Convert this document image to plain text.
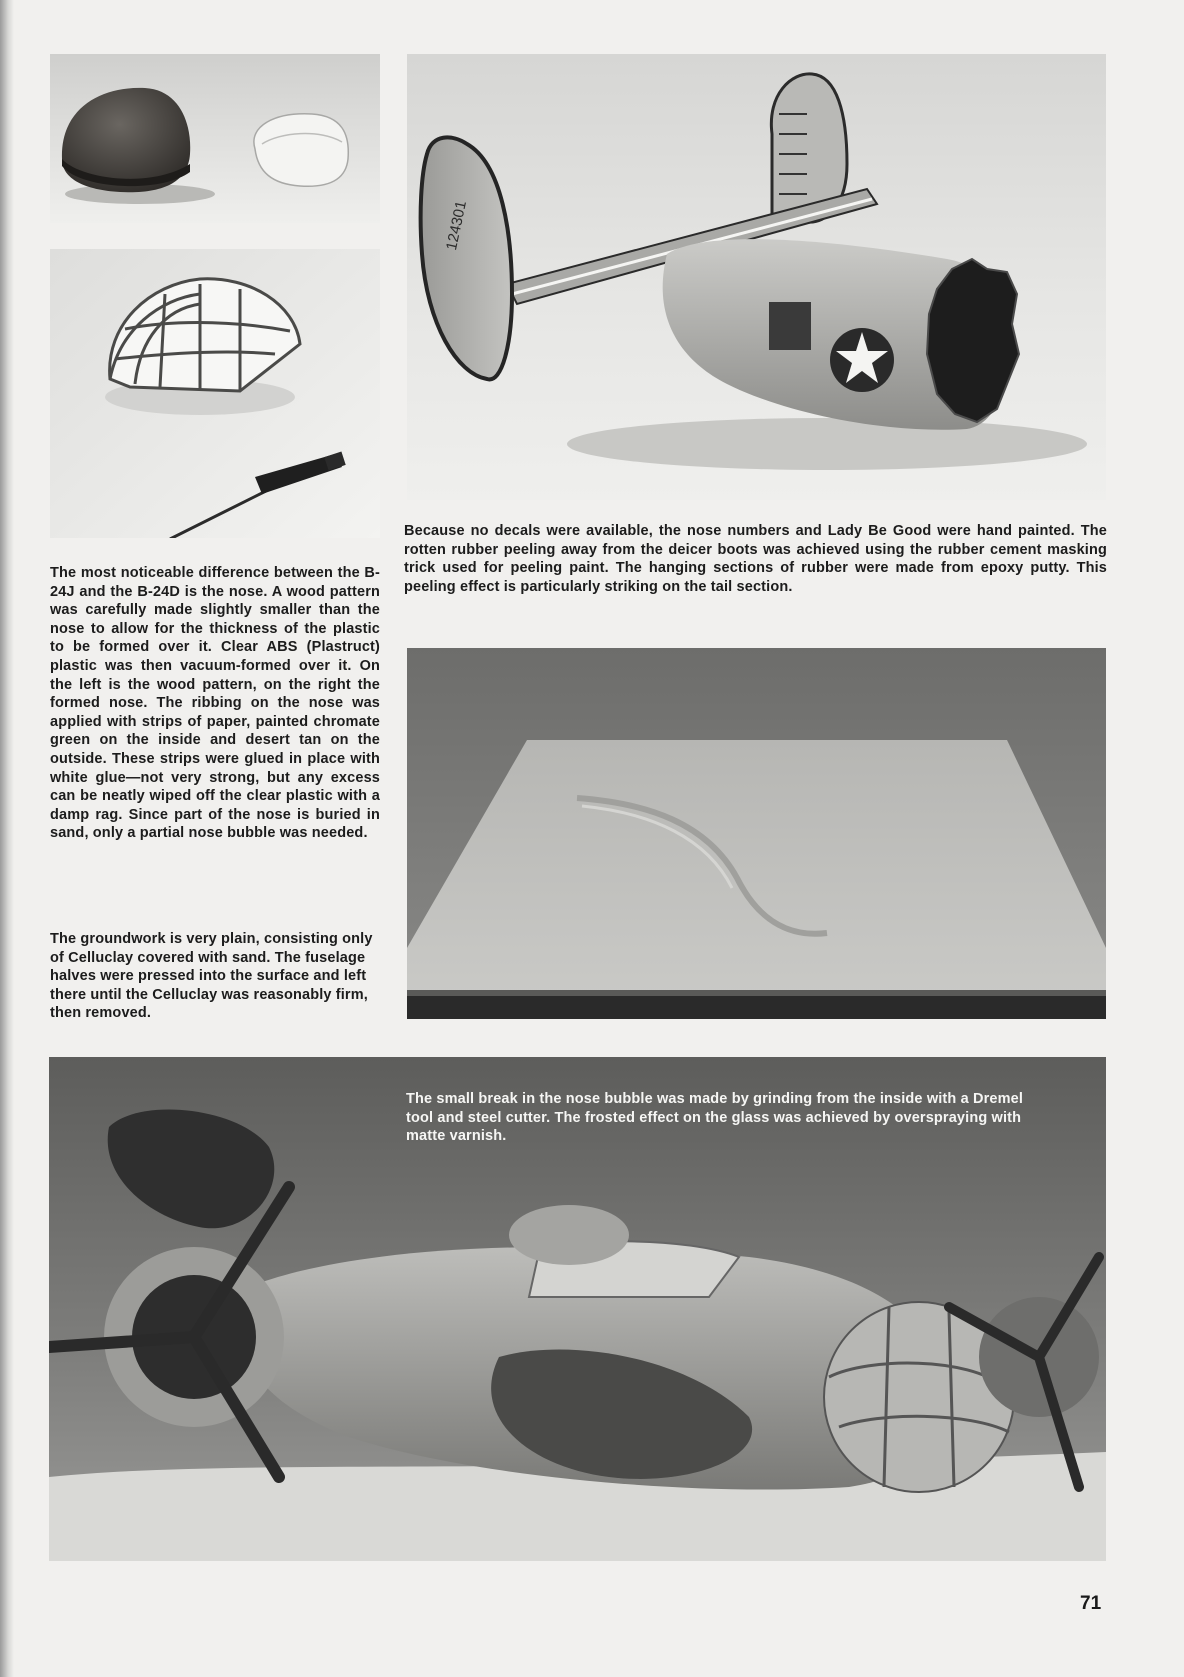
124301

Because no decals were available, the nose numbers and Lady Be Good were hand painted. The rotten rubber peeling away from the deicer boots was achieved using the rubber cement masking trick used for peeling paint. The hanging sections of rubber were made from epoxy putty. This peeling effect is particularly striking on the tail section.

The most noticeable difference between the B-24J and the B-24D is the nose. A wood pattern was carefully made slightly smaller than the nose to allow for the thickness of the plastic to be formed over it. Clear ABS (Plastruct) plastic was then vacuum-formed over it. On the left is the wood pattern, on the right the formed nose. The ribbing on the nose was applied with strips of paper, painted chromate green on the inside and desert tan on the outside. These strips were glued in place with white glue—not very strong, but any excess can be neatly wiped off the clear plastic with a damp rag. Since part of the nose is buried in sand, only a partial nose bubble was needed.

The groundwork is very plain, consisting only of Celluclay covered with sand. The fuselage halves were pressed into the surface and left there until the Celluclay was reasonably firm, then removed.

The small break in the nose bubble was made by grinding from the inside with a Dremel tool and steel cutter. The frosted effect on the glass was achieved by overspraying with matte varnish.

71
